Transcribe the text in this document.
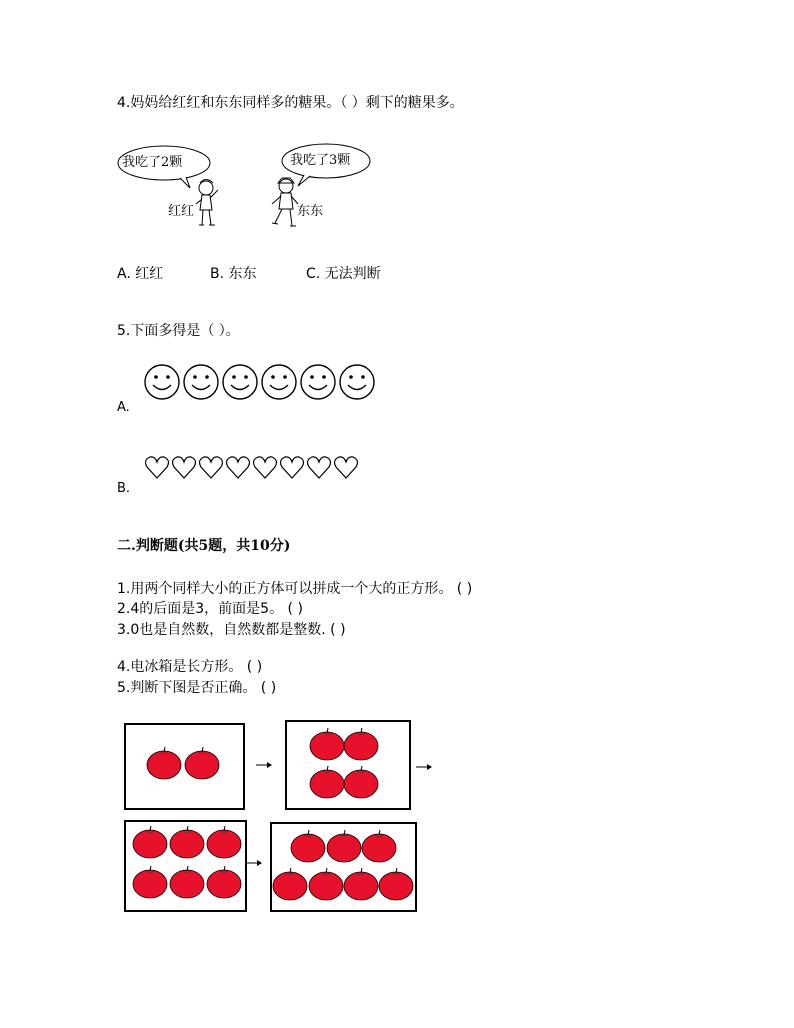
4.妈妈给红红和东东同样多的糖果。（ ）剩下的糖果多。
我吃了2颗	我吃了3颗
红红	东东
A. 红红	B. 东东	C. 无法判断
5.下面多得是（ ）。
A.
B.
二.判断题(共5题，共10分)
1.用两个同样大小的正方体可以拼成一个大的正方形。 ( )
2.4的后面是3，前面是5。 ( )
3.0也是自然数，自然数都是整数. ( )
4.电冰箱是长方形。 ( )
5.判断下图是否正确。 ( )
